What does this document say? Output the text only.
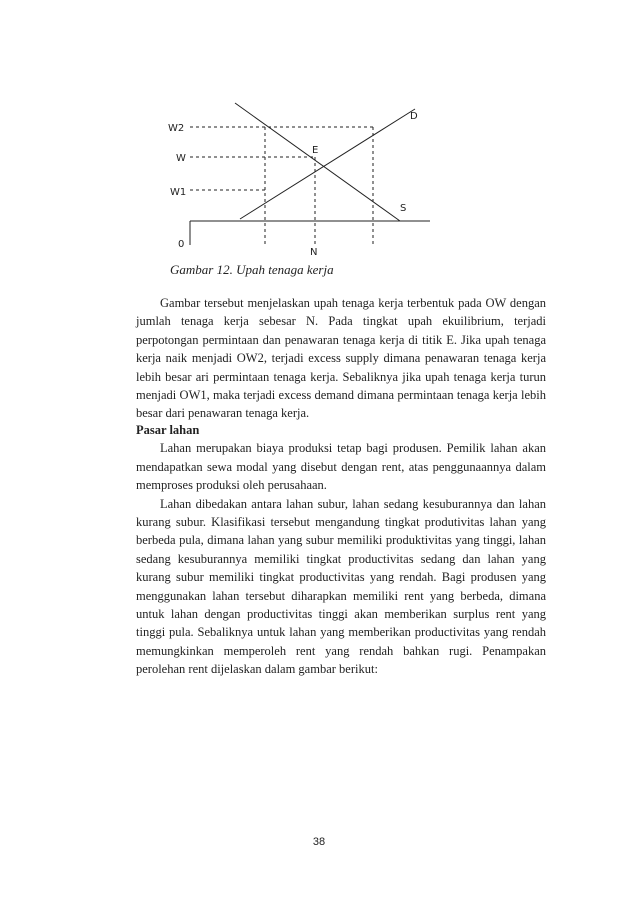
W2
W
W1
0
N
E
D
S
Gambar 12. Upah tenaga kerja

Gambar tersebut menjelaskan upah tenaga kerja terbentuk pada OW dengan jumlah tenaga kerja sebesar N. Pada tingkat upah ekuilibrium, terjadi perpotongan permintaan dan penawaran tenaga kerja di titik E. Jika upah tenaga kerja naik menjadi OW2, terjadi excess supply dimana penawaran tenaga kerja lebih besar ari permintaan tenaga kerja. Sebaliknya jika upah tenaga kerja turun menjadi OW1, maka terjadi excess demand dimana permintaan tenaga kerja lebih besar dari penawaran tenaga kerja.

Pasar lahan

Lahan merupakan biaya produksi tetap bagi produsen. Pemilik lahan akan mendapatkan sewa modal yang disebut dengan rent, atas penggunaannya dalam memproses produksi oleh perusahaan.

Lahan dibedakan antara lahan subur, lahan sedang kesuburannya dan lahan kurang subur. Klasifikasi tersebut mengandung tingkat produtivitas lahan yang berbeda pula, dimana lahan yang subur memiliki produktivitas yang tinggi, lahan sedang kesuburannya memiliki tingkat productivitas sedang dan lahan yang kurang subur memiliki tingkat productivitas yang rendah. Bagi produsen yang menggunakan lahan tersebut diharapkan memiliki rent yang berbeda, dimana untuk lahan dengan productivitas tinggi akan memberikan surplus rent yang tinggi pula. Sebaliknya untuk lahan yang memberikan productivitas yang rendah memungkinkan memperoleh rent yang rendah bahkan rugi. Penampakan perolehan rent dijelaskan dalam gambar berikut:

38
